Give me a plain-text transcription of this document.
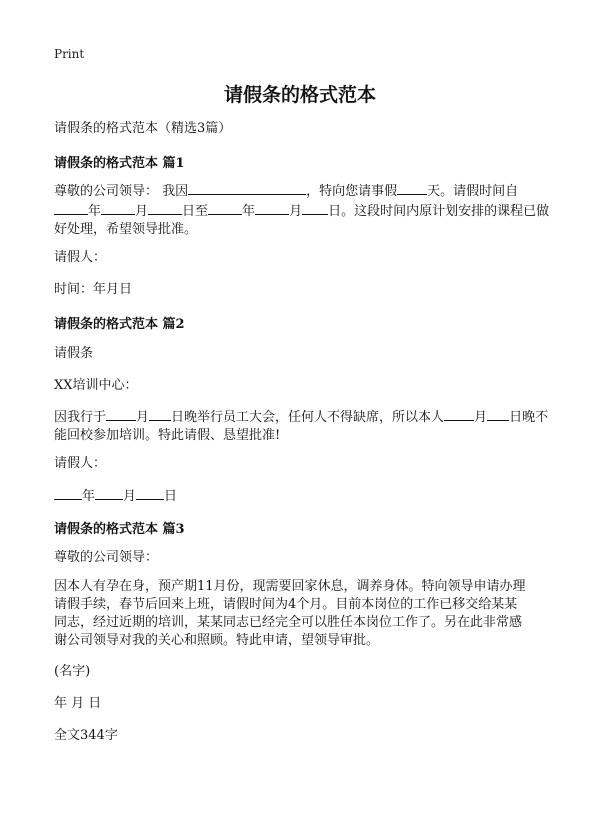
Print
请假条的格式范本
请假条的格式范本（精选3篇）
请假条的格式范本 篇1
尊敬的公司领导： 我因	，特向您请事假 天。请假时间自
年	月	日至	年	月 日。这段时间内原计划安排的课程已做
好处理，希望领导批准。
请假人：
时间：年月日
请假条的格式范本 篇2
请假条
XX培训中心：
因我行于 月 日晚举行员工大会，任何人不得缺席，所以本人 月 日晚不
能回校参加培训。特此请假、恳望批准!
请假人：
年 月 日
请假条的格式范本 篇3
尊敬的公司领导：
因本人有孕在身，预产期11月份，现需要回家休息，调养身体。特向领导申请办理
请假手续，春节后回来上班，请假时间为4个月。目前本岗位的工作已移交给某某
同志，经过近期的培训，某某同志已经完全可以胜任本岗位工作了。另在此非常感
谢公司领导对我的关心和照顾。特此申请，望领导审批。
(名字)
年 月 日
全文344字
